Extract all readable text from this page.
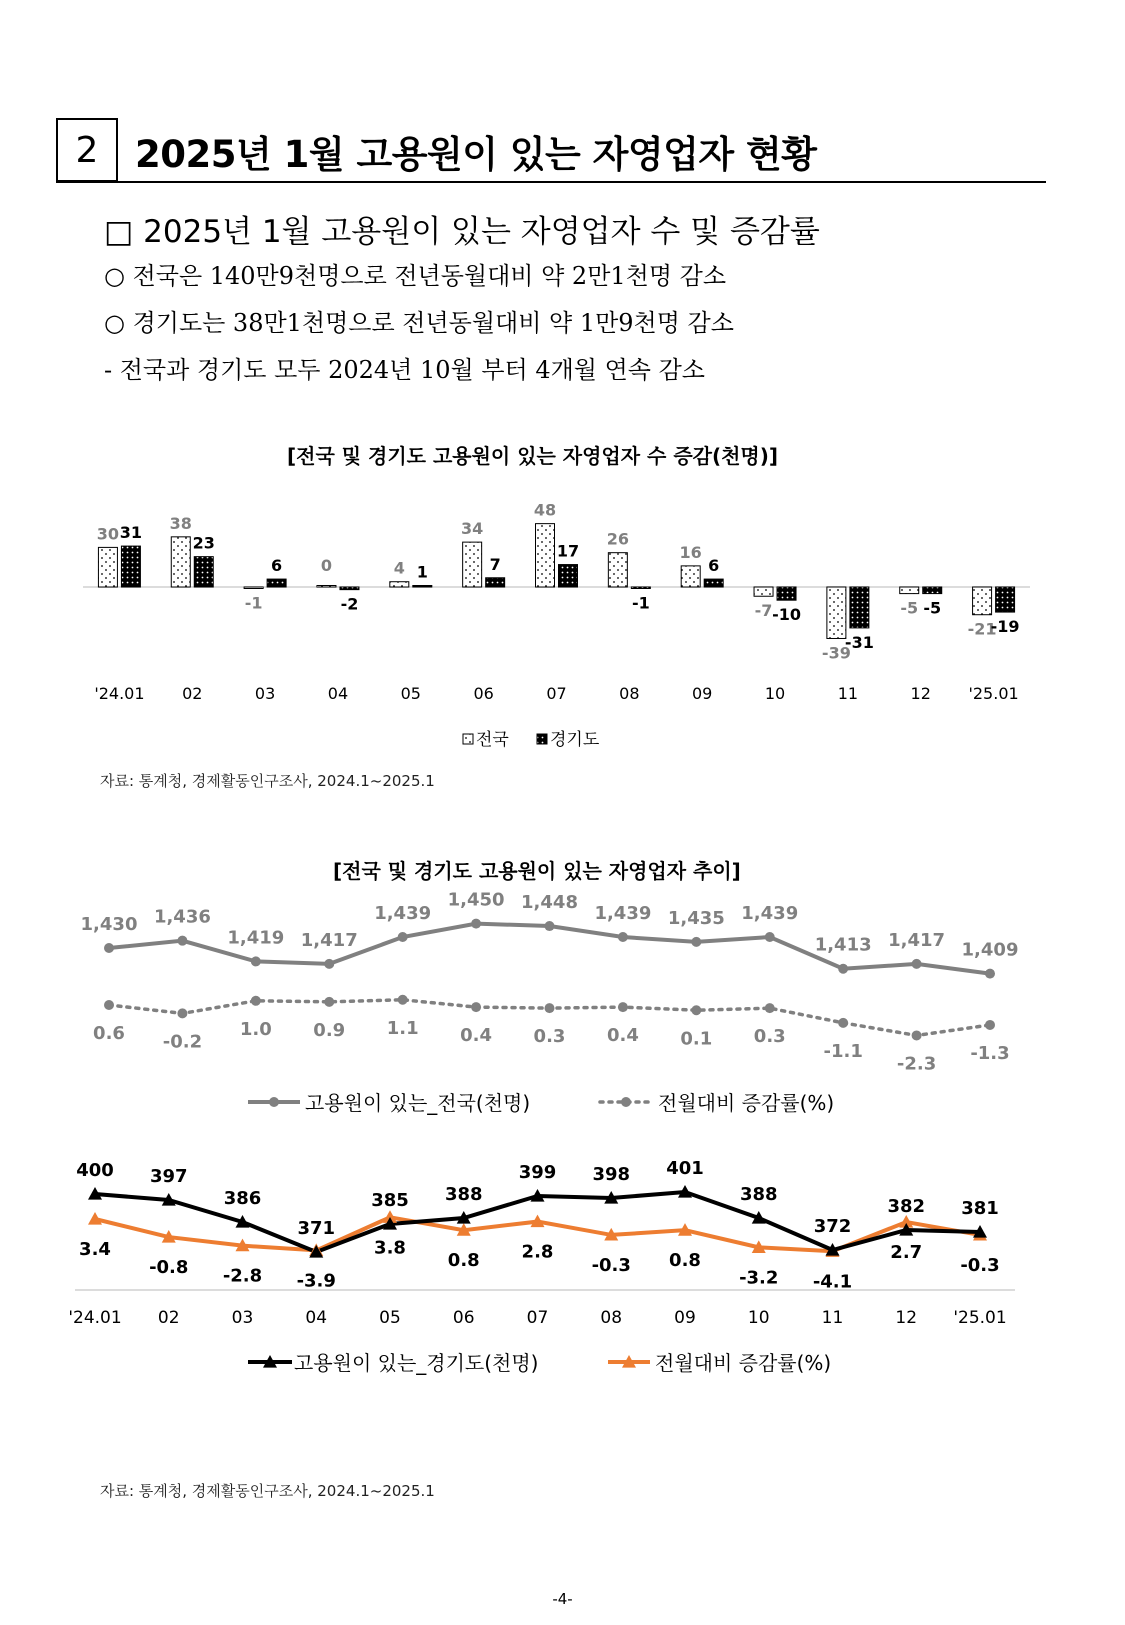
2 2025년 1월 고용원이 있는 자영업자 현황
□ 2025년 1월 고용원이 있는 자영업자 수 및 증감률
○ 전국은 140만9천명으로 전년동월대비 약 2만1천명 감소
○ 경기도는 38만1천명으로 전년동월대비 약 1만9천명 감소
- 전국과 경기도 모두 2024년 10월 부터 4개월 연속 감소
[전국 및 경기도 고용원이 있는 자영업자 수 증감(천명)]
30 31 38
23
-1
6 0
-2
4 1
34
7
48
17
26
-1
16
6
-7 -10
-39
-31
-5 -5
-21
-19
'24.01 02	03	04	05	06	07	08	09	10	11	12 '25.01
전국 경기도
자료: 통계청, 경제활동인구조사, 2024.1~2025.1
[전국 및 경기도 고용원이 있는 자영업자 추이]
1,430 1,436
1,419 1,417
1,439
1,450 1,448
1,439 1,435 1,439
1,413 1,417 1,409
0.6 -0.2
1.0 0.9 1.1 0.4 0.3 0.4 0.1 0.3
-1.1
-2.3 -1.3
고용원이 있는_전국(천명)	전월대비 증감률(%)
3.4
-0.8 -2.8 -3.9
3.8
0.8 2.8
-0.3 0.8
-3.2 -4.1
2.7
-0.3
400 397
386
371
385 388
399 398 401
388
372
382 381
'24.01 02	03	04	05	06	07	08	09	10	11	12 '25.01
고용원이 있는_경기도(천명)	전월대비 증감률(%)
자료: 통계청, 경제활동인구조사, 2024.1~2025.1
-4-
